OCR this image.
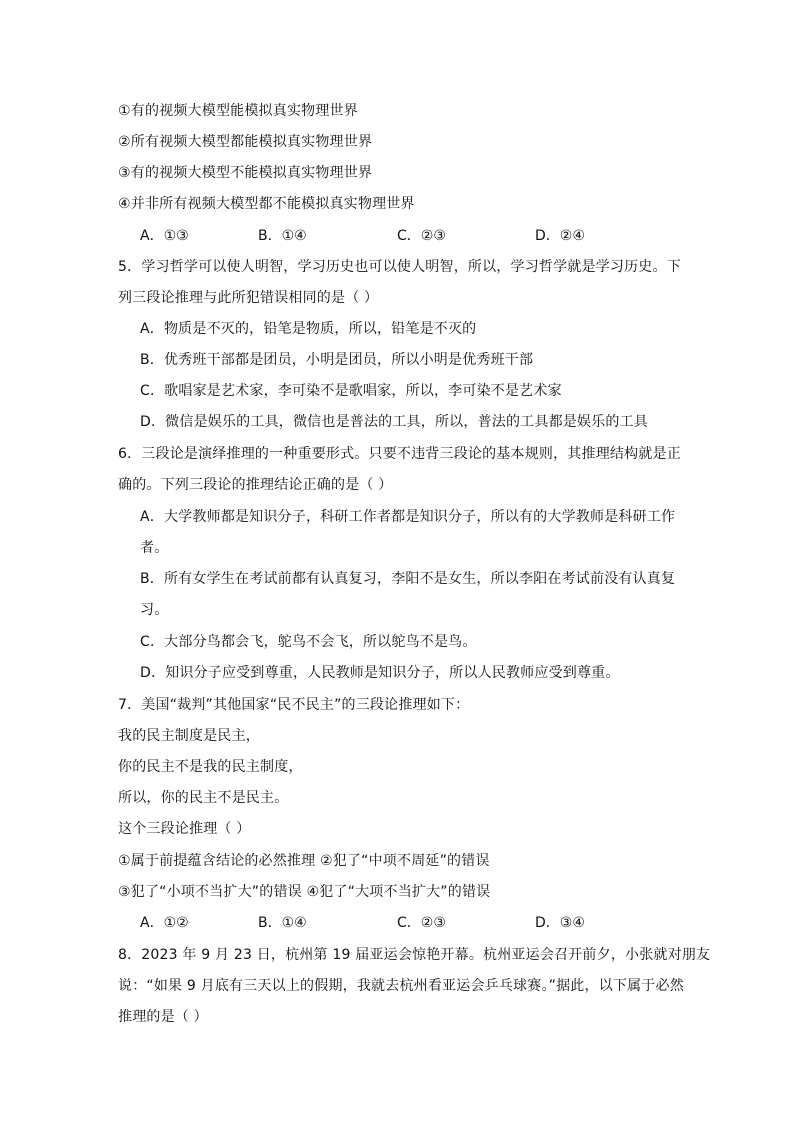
①有的视频大模型能模拟真实物理世界
②所有视频大模型都能模拟真实物理世界
③有的视频大模型不能模拟真实物理世界
④并非所有视频大模型都不能模拟真实物理世界
A．①③	B．①④	C．②③	D．②④
5．学习哲学可以使人明智，学习历史也可以使人明智，所以，学习哲学就是学习历史。下
列三段论推理与此所犯错误相同的是（ ）
A．物质是不灭的，铅笔是物质，所以，铅笔是不灭的
B．优秀班干部都是团员，小明是团员，所以小明是优秀班干部
C．歌唱家是艺术家，李可染不是歌唱家，所以，李可染不是艺术家
D．微信是娱乐的工具，微信也是普法的工具，所以，普法的工具都是娱乐的工具
6．三段论是演绎推理的一种重要形式。只要不违背三段论的基本规则，其推理结构就是正
确的。下列三段论的推理结论正确的是（ ）
A．大学教师都是知识分子，科研工作者都是知识分子，所以有的大学教师是科研工作
者。
B．所有女学生在考试前都有认真复习，李阳不是女生，所以李阳在考试前没有认真复
习。
C．大部分鸟都会飞，鸵鸟不会飞，所以鸵鸟不是鸟。
D．知识分子应受到尊重，人民教师是知识分子，所以人民教师应受到尊重。
7．美国“裁判”其他国家“民不民主”的三段论推理如下：
我的民主制度是民主，
你的民主不是我的民主制度，
所以，你的民主不是民主。
这个三段论推理（ ）
①属于前提蕴含结论的必然推理 ②犯了“中项不周延”的错误
③犯了“小项不当扩大”的错误 ④犯了“大项不当扩大”的错误
A．①②	B．①④	C．②③	D．③④
8．2023 年 9 月 23 日，杭州第 19 届亚运会惊艳开幕。杭州亚运会召开前夕，小张就对朋友
说：“如果 9 月底有三天以上的假期，我就去杭州看亚运会乒乓球赛。”据此，以下属于必然
推理的是（ ）
